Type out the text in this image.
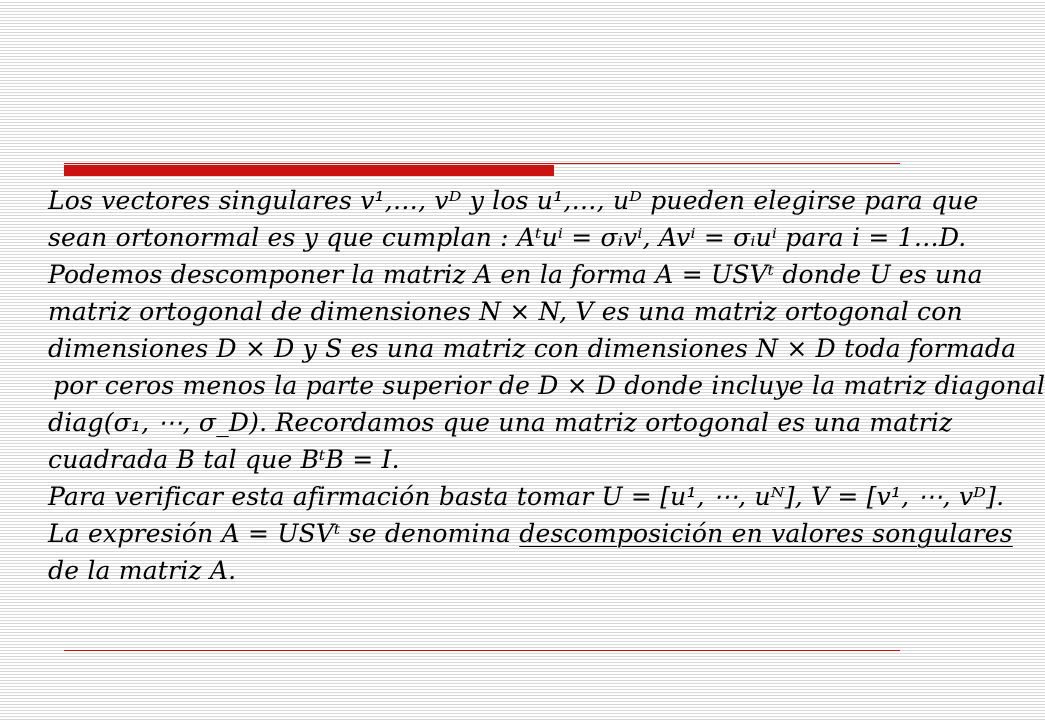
Los vectores singulares v¹,…, vᴰ y los u¹,…, uᴰ pueden elegirse para que
sean ortonormal es y que cumplan : Aᵗuⁱ = σᵢvⁱ, Avⁱ = σᵢuⁱ para i = 1…D.
Podemos descomponer la matriz A en la forma A = USVᵗ donde U es una
matriz ortogonal de dimensiones N × N, V es una matriz ortogonal con
dimensiones D × D y S es una matriz con dimensiones N × D toda formada
por ceros menos la parte superior de D × D donde incluye la matriz diagonal
diag(σ₁, ⋯, σ_D). Recordamos que una matriz ortogonal es una matriz
cuadrada B tal que BᵗB = I.
Para verificar esta afirmación basta tomar U = [u¹, ⋯, uᴺ], V = [v¹, ⋯, vᴰ].
La expresión A = USVᵗ se denomina descomposición en valores songulares
de la matriz A.
